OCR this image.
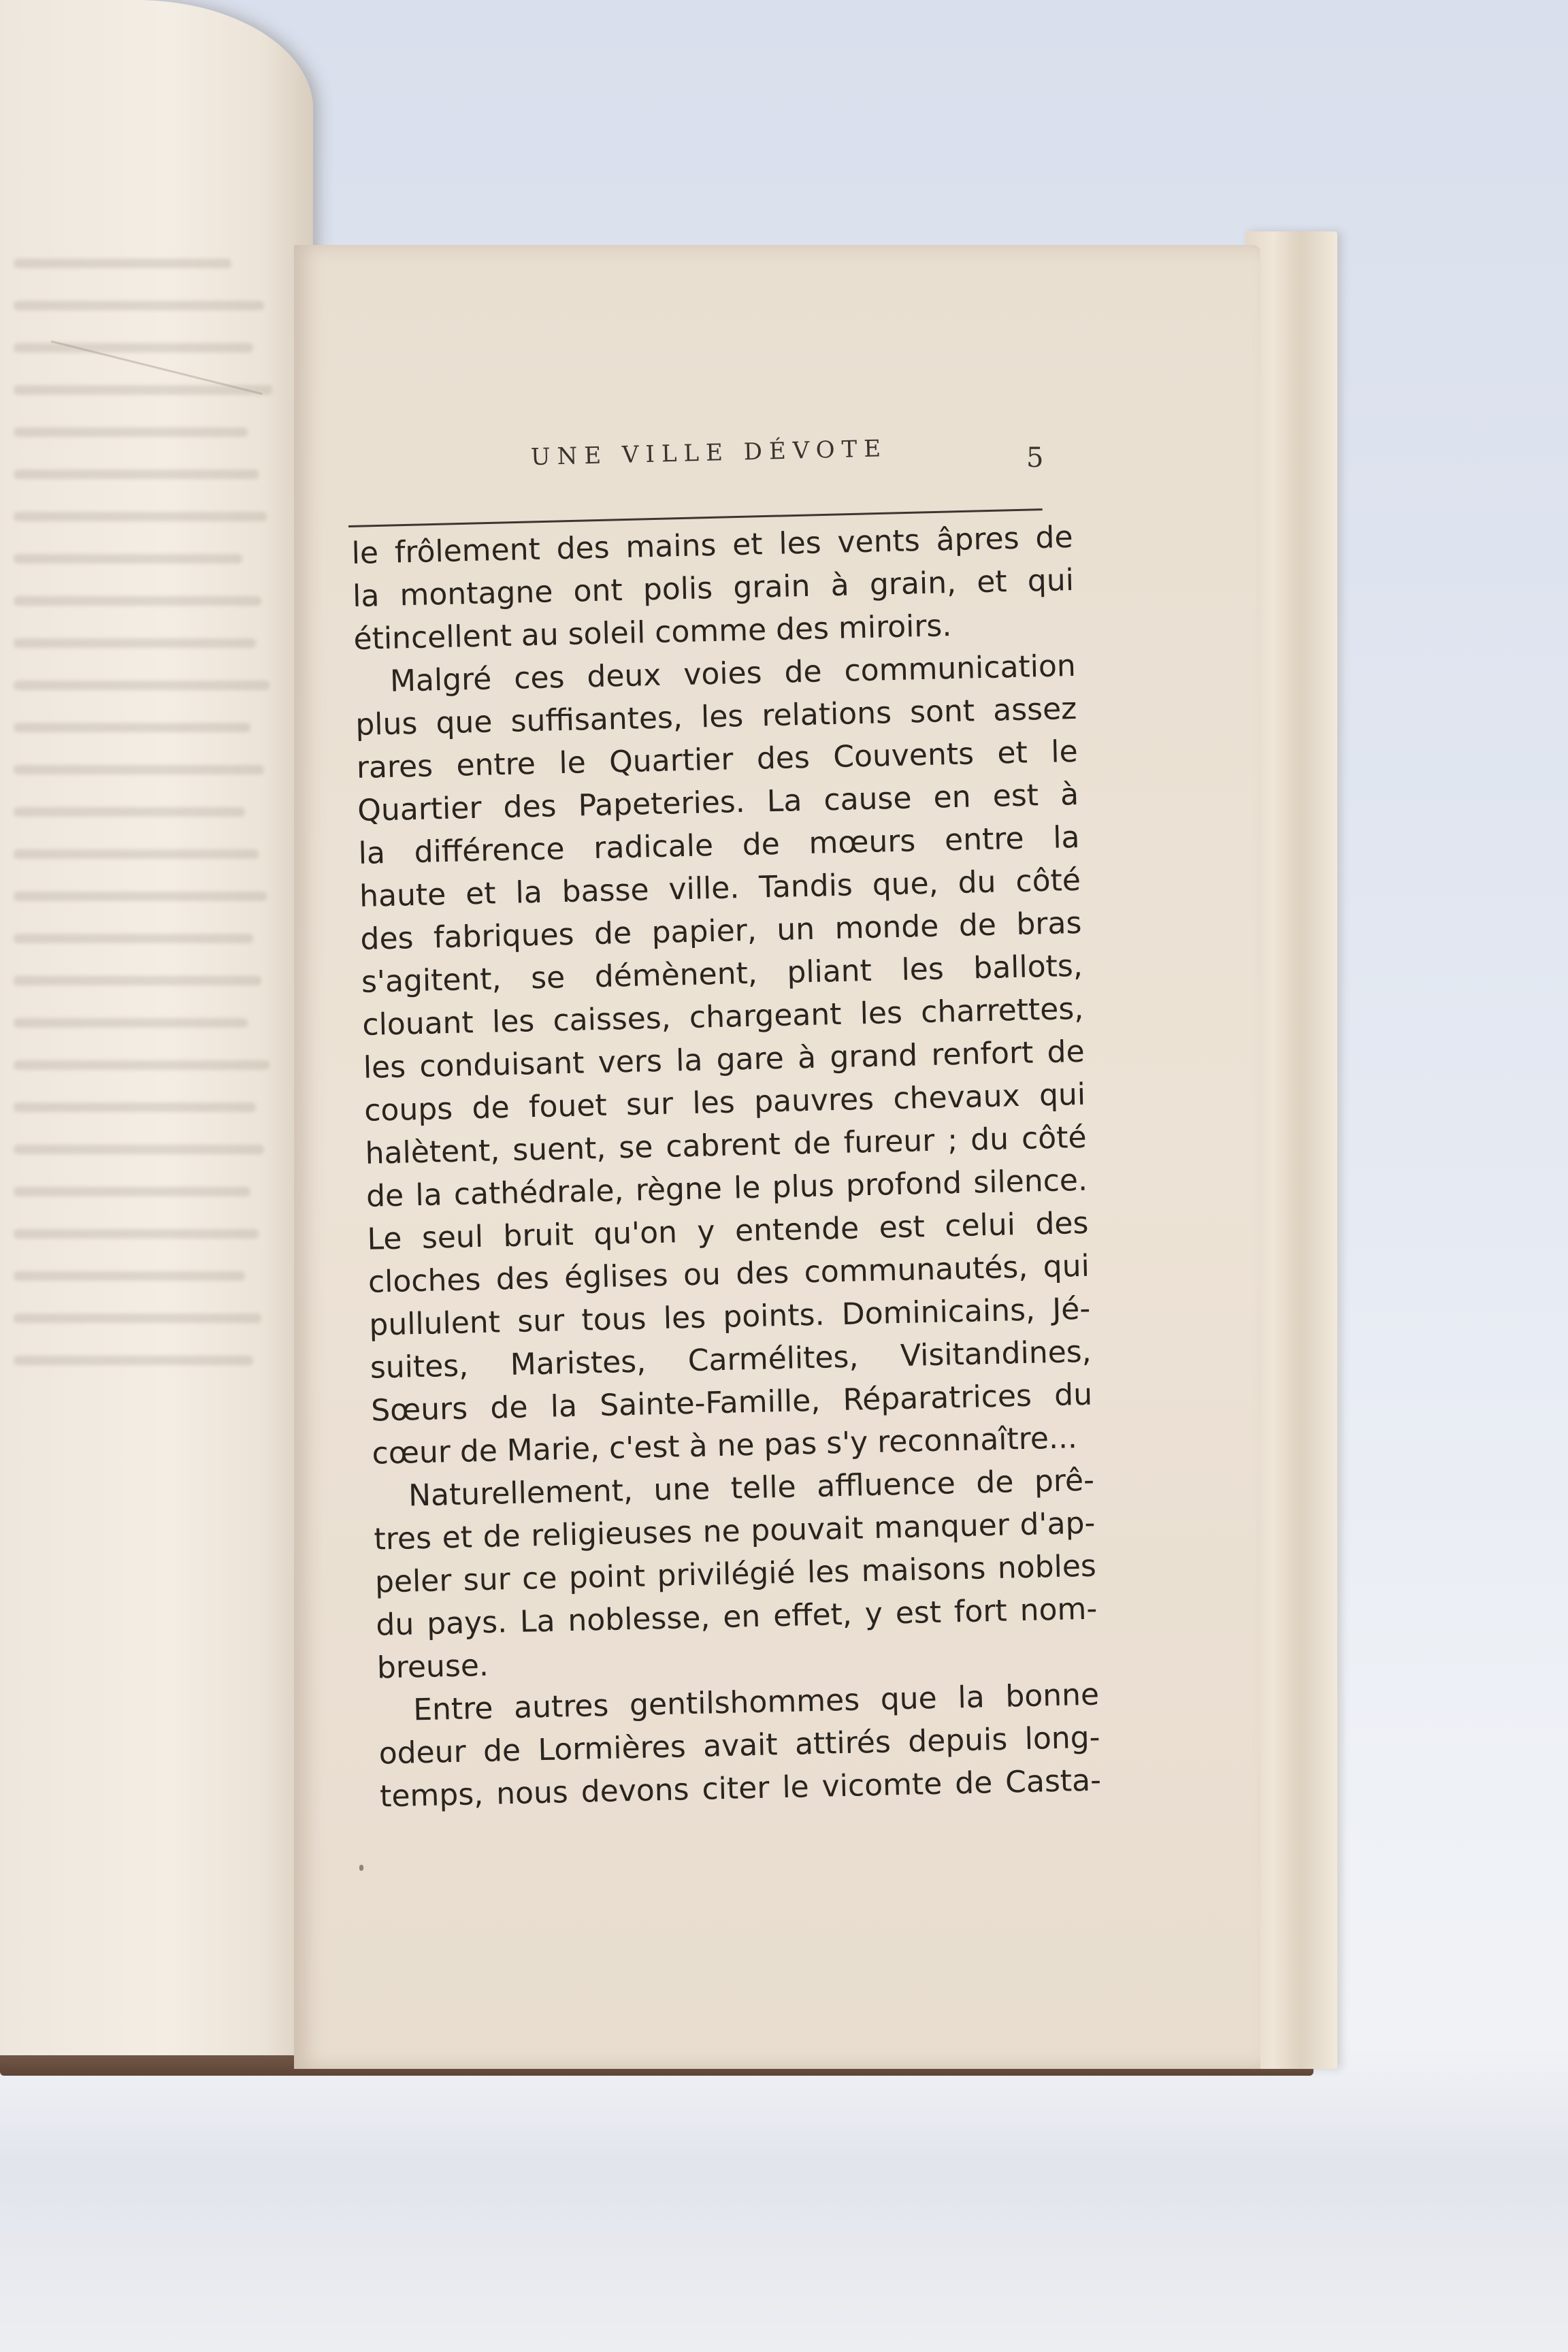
UNE VILLE DÉVOTE	5
le frôlement des mains et les vents âpres de
la montagne ont polis grain à grain, et qui
étincellent au soleil comme des miroirs.
Malgré ces deux voies de communication
plus que suffisantes, les relations sont assez
rares entre le Quartier des Couvents et le
Quartier des Papeteries. La cause en est à
la différence radicale de mœurs entre la
haute et la basse ville. Tandis que, du côté
des fabriques de papier, un monde de bras
s'agitent, se démènent, pliant les ballots,
clouant les caisses, chargeant les charrettes,
les conduisant vers la gare à grand renfort de
coups de fouet sur les pauvres chevaux qui
halètent, suent, se cabrent de fureur ; du côté
de la cathédrale, règne le plus profond silence.
Le seul bruit qu'on y entende est celui des
cloches des églises ou des communautés, qui
pullulent sur tous les points. Dominicains, Jé-
suites, Maristes, Carmélites, Visitandines,
Sœurs de la Sainte-Famille, Réparatrices du
cœur de Marie, c'est à ne pas s'y reconnaître...
Naturellement, une telle affluence de prê-
tres et de religieuses ne pouvait manquer d'ap-
peler sur ce point privilégié les maisons nobles
du pays. La noblesse, en effet, y est fort nom-
breuse.
Entre autres gentilshommes que la bonne
odeur de Lormières avait attirés depuis long-
temps, nous devons citer le vicomte de Casta-
